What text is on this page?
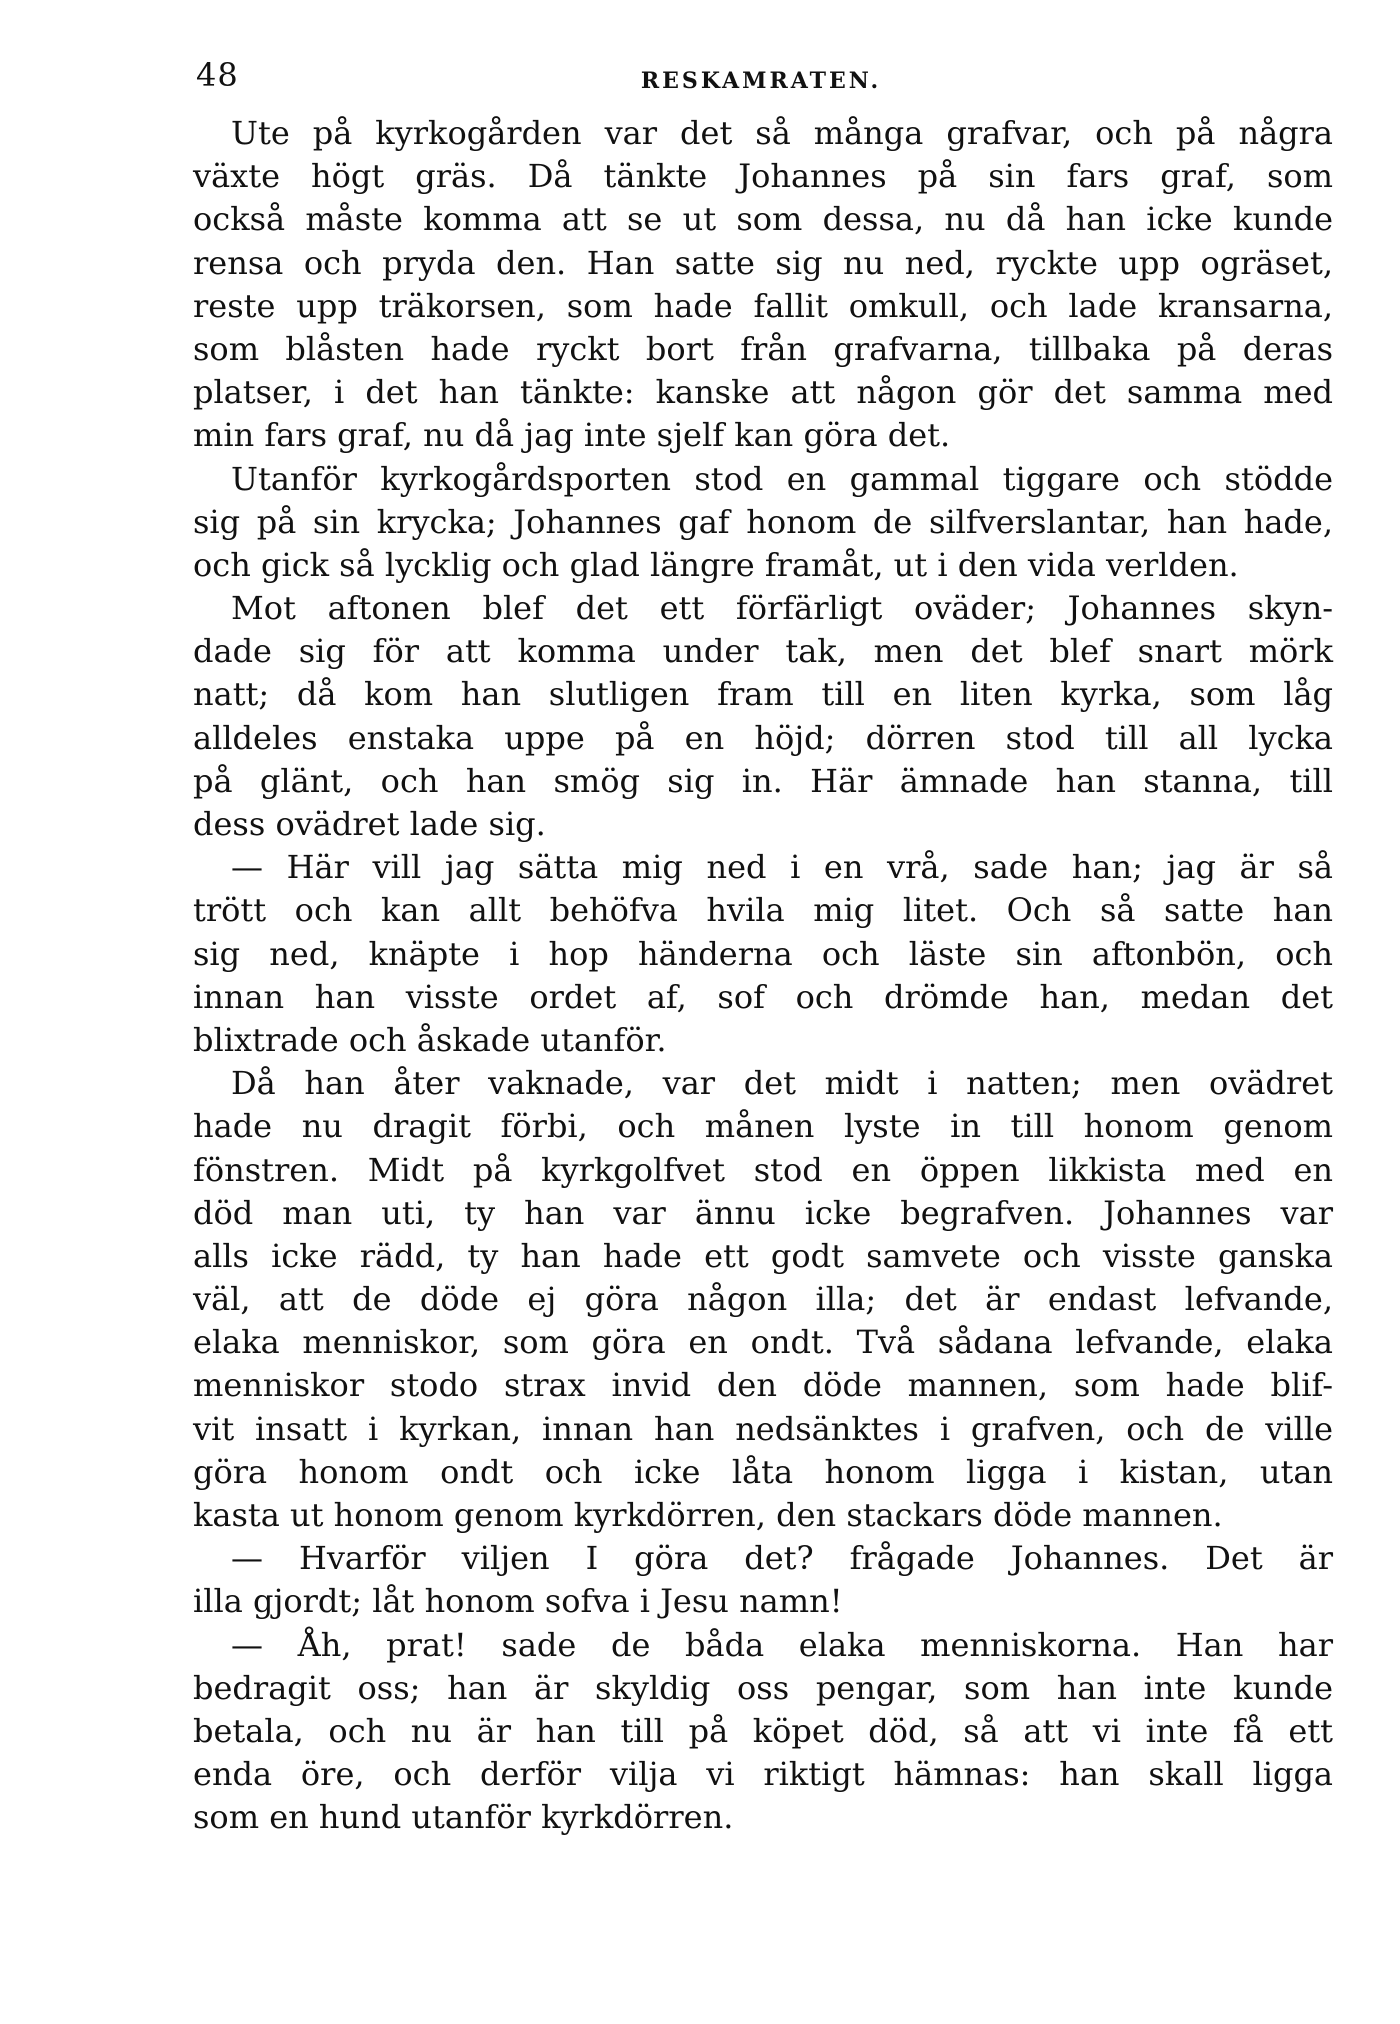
48	RESKAMRATEN.
Ute på kyrkogården var det så många grafvar, och på några
växte högt gräs. Då tänkte Johannes på sin fars graf, som
också måste komma att se ut som dessa, nu då han icke kunde
rensa och pryda den. Han satte sig nu ned, ryckte upp ogräset,
reste upp träkorsen, som hade fallit omkull, och lade kransarna,
som blåsten hade ryckt bort från grafvarna, tillbaka på deras
platser, i det han tänkte: kanske att någon gör det samma med
min fars graf, nu då jag inte sjelf kan göra det.
Utanför kyrkogårdsporten stod en gammal tiggare och stödde
sig på sin krycka; Johannes gaf honom de silfverslantar, han hade,
och gick så lycklig och glad längre framåt, ut i den vida verlden.
Mot aftonen blef det ett förfärligt oväder; Johannes skyn-
dade sig för att komma under tak, men det blef snart mörk
natt; då kom han slutligen fram till en liten kyrka, som låg
alldeles enstaka uppe på en höjd; dörren stod till all lycka
på glänt, och han smög sig in. Här ämnade han stanna, till
dess ovädret lade sig.
— Här vill jag sätta mig ned i en vrå, sade han; jag är så
trött och kan allt behöfva hvila mig litet. Och så satte han
sig ned, knäpte i hop händerna och läste sin aftonbön, och
innan han visste ordet af, sof och drömde han, medan det
blixtrade och åskade utanför.
Då han åter vaknade, var det midt i natten; men ovädret
hade nu dragit förbi, och månen lyste in till honom genom
fönstren. Midt på kyrkgolfvet stod en öppen likkista med en
död man uti, ty han var ännu icke begrafven. Johannes var
alls icke rädd, ty han hade ett godt samvete och visste ganska
väl, att de döde ej göra någon illa; det är endast lefvande,
elaka menniskor, som göra en ondt. Två sådana lefvande, elaka
menniskor stodo strax invid den döde mannen, som hade blif-
vit insatt i kyrkan, innan han nedsänktes i grafven, och de ville
göra honom ondt och icke låta honom ligga i kistan, utan
kasta ut honom genom kyrkdörren, den stackars döde mannen.
— Hvarför viljen I göra det? frågade Johannes. Det är
illa gjordt; låt honom sofva i Jesu namn!
— Åh, prat! sade de båda elaka menniskorna. Han har
bedragit oss; han är skyldig oss pengar, som han inte kunde
betala, och nu är han till på köpet död, så att vi inte få ett
enda öre, och derför vilja vi riktigt hämnas: han skall ligga
som en hund utanför kyrkdörren.
